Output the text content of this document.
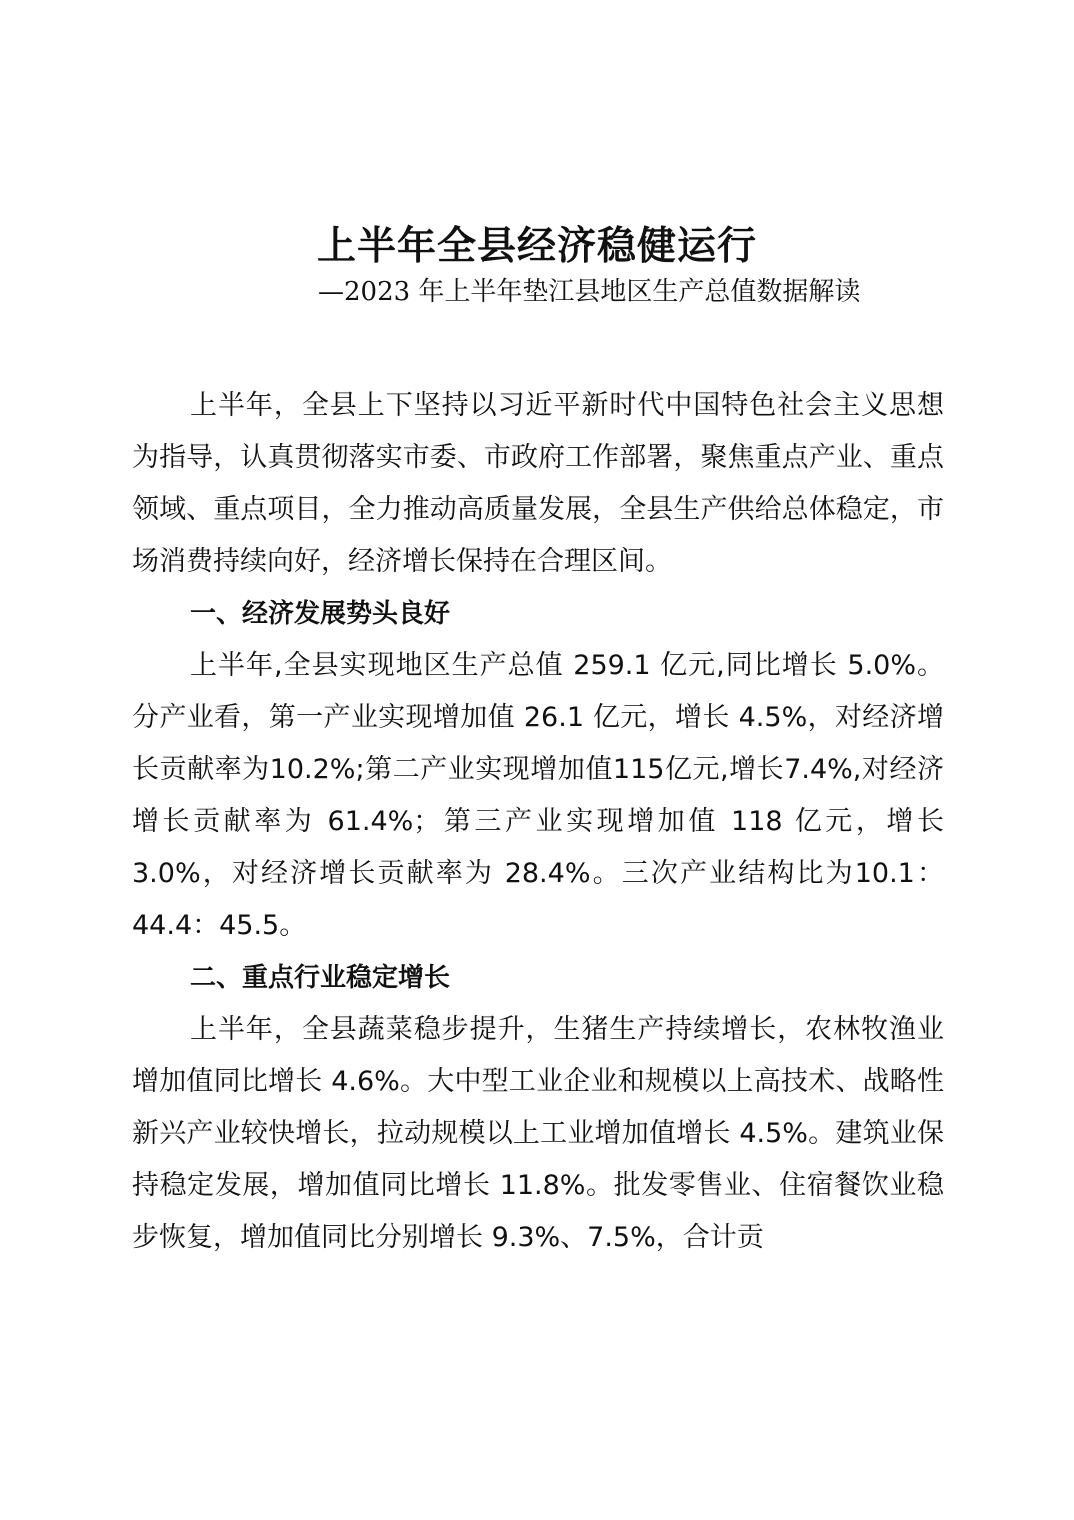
上半年全县经济稳健运行
—2023 年上半年垫江县地区生产总值数据解读

上半年，全县上下坚持以习近平新时代中国特色社会主义思想为指导，认真贯彻落实市委、市政府工作部署，聚焦重点产业、重点领域、重点项目，全力推动高质量发展，全县生产供给总体稳定，市场消费持续向好，经济增长保持在合理区间。

一、经济发展势头良好

上半年,全县实现地区生产总值 259.1 亿元,同比增长 5.0%。分产业看，第一产业实现增加值 26.1 亿元，增长 4.5%，对经济增长贡献率为10.2%;第二产业实现增加值115亿元,增长7.4%,对经济增长贡献率为 61.4%；第三产业实现增加值 118 亿元，增长 3.0%，对经济增长贡献率为 28.4%。三次产业结构比为10.1：44.4：45.5。

二、重点行业稳定增长

上半年，全县蔬菜稳步提升，生猪生产持续增长，农林牧渔业增加值同比增长 4.6%。大中型工业企业和规模以上高技术、战略性新兴产业较快增长，拉动规模以上工业增加值增长 4.5%。建筑业保持稳定发展，增加值同比增长 11.8%。批发零售业、住宿餐饮业稳步恢复，增加值同比分别增长 9.3%、7.5%，合计贡
